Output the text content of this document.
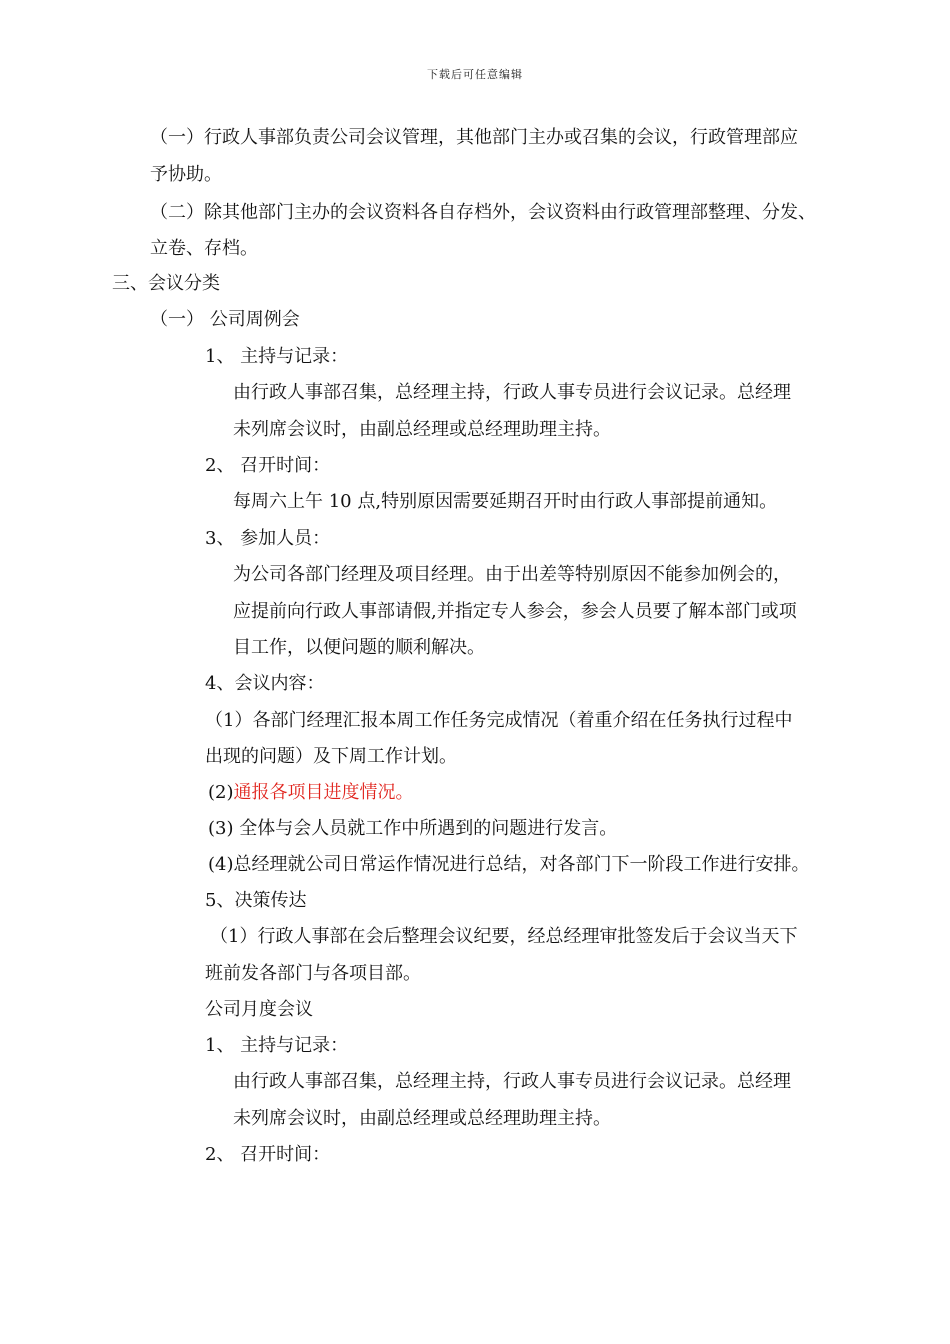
下载后可任意编辑
（一）行政人事部负责公司会议管理，其他部门主办或召集的会议，行政管理部应
予协助。
（二）除其他部门主办的会议资料各自存档外，会议资料由行政管理部整理、分发、
立卷、存档。
三、会议分类
（一） 公司周例会
1、 主持与记录：
由行政人事部召集，总经理主持，行政人事专员进行会议记录。总经理
未列席会议时，由副总经理或总经理助理主持。
2、 召开时间：
每周六上午 10 点,特别原因需要延期召开时由行政人事部提前通知。
3、 参加人员：
为公司各部门经理及项目经理。由于出差等特别原因不能参加例会的，
应提前向行政人事部请假,并指定专人参会，参会人员要了解本部门或项
目工作，以便问题的顺利解决。
4、会议内容：
（1）各部门经理汇报本周工作任务完成情况（着重介绍在任务执行过程中
出现的问题）及下周工作计划。
(2)通报各项目进度情况。
(3) 全体与会人员就工作中所遇到的问题进行发言。
(4)总经理就公司日常运作情况进行总结，对各部门下一阶段工作进行安排。
5、决策传达
（1）行政人事部在会后整理会议纪要，经总经理审批签发后于会议当天下
班前发各部门与各项目部。
公司月度会议
1、 主持与记录：
由行政人事部召集，总经理主持，行政人事专员进行会议记录。总经理
未列席会议时，由副总经理或总经理助理主持。
2、 召开时间：
